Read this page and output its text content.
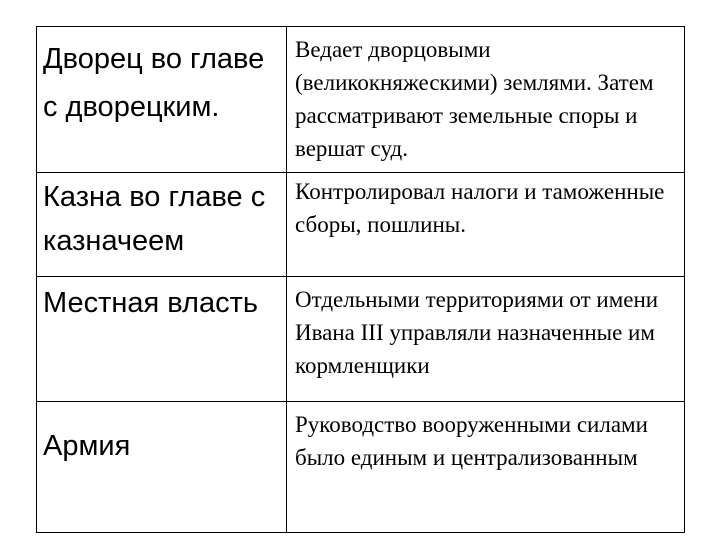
Дворец во главе с дворецким.	Ведает дворцовыми (великокняжескими) землями. Затем рассматривают земельные споры и вершат суд.

Казна во главе с казначеем	Контролировал налоги и таможенные сборы, пошлины.

Местная власть	Отдельными территориями от имени Ивана III управляли назначенные им кормленщики

Армия	Руководство вооруженными силами было единым и централизованным
